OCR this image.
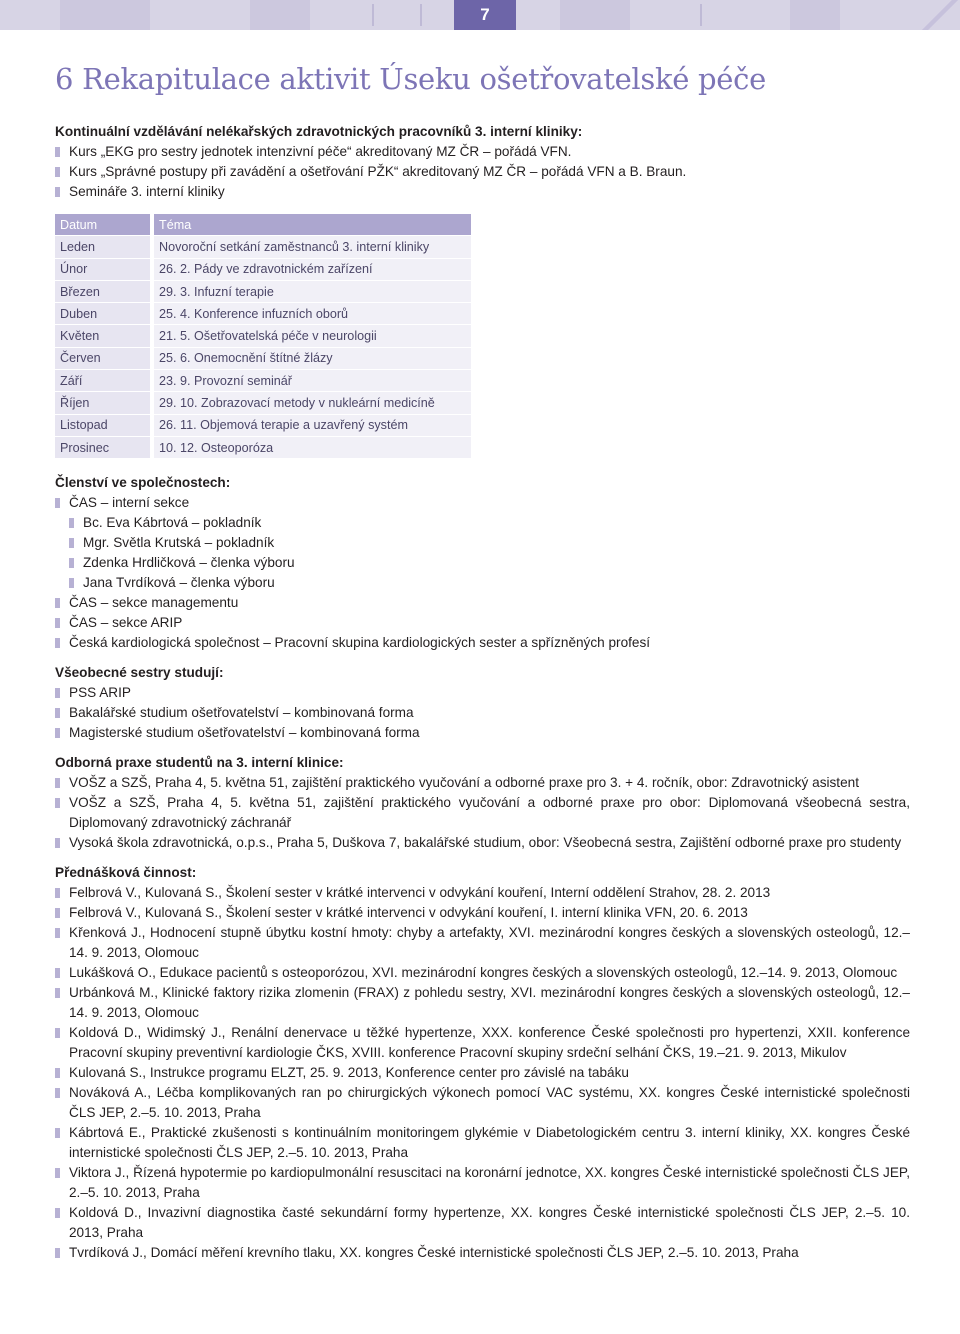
7
6 Rekapitulace aktivit Úseku ošetřovatelské péče

Kontinuální vzdělávání nelékařských zdravotnických pracovníků 3. interní kliniky:

Kurs „EKG pro sestry jednotek intenzivní péče“ akreditovaný MZ ČR – pořádá VFN.
Kurs „Správné postupy při zavádění a ošetřování PŽK“ akreditovaný MZ ČR – pořádá VFN a B. Braun.
Semináře 3. interní kliniky
Datum		Téma
Leden		Novoroční setkání zaměstnanců 3. interní kliniky
Únor		26. 2. Pády ve zdravotnickém zařízení
Březen		29. 3. Infuzní terapie
Duben		25. 4. Konference infuzních oborů
Květen		21. 5. Ošetřovatelská péče v neurologii
Červen		25. 6. Onemocnění štítné žlázy
Září		23. 9. Provozní seminář
Říjen		29. 10. Zobrazovací metody v nukleární medicíně
Listopad		26. 11. Objemová terapie a uzavřený systém
Prosinec		10. 12. Osteoporóza

Členství ve společnostech:

ČAS – interní sekce
Bc. Eva Kábrtová – pokladník
Mgr. Světla Krutská – pokladník
Zdenka Hrdličková – členka výboru
Jana Tvrdíková – členka výboru
ČAS – sekce managementu
ČAS – sekce ARIP
Česká kardiologická společnost – Pracovní skupina kardiologických sester a spřízněných profesí

Všeobecné sestry studují:

PSS ARIP
Bakalářské studium ošetřovatelství – kombinovaná forma
Magisterské studium ošetřovatelství – kombinovaná forma

Odborná praxe studentů na 3. interní klinice:

VOŠZ a SZŠ, Praha 4, 5. května 51, zajištění praktického vyučování a odborné praxe pro 3. + 4. ročník, obor: Zdravotnický asistent
VOŠZ a SZŠ, Praha 4, 5. května 51, zajištění praktického vyučování a odborné praxe pro obor: Diplomovaná všeobecná sestra, Diplomovaný zdravotnický záchranář
Vysoká škola zdravotnická, o.p.s., Praha 5, Duškova 7, bakalářské studium, obor: Všeobecná sestra, Zajištění odborné praxe pro studenty

Přednášková činnost:

Felbrová V., Kulovaná S., Školení sester v krátké intervenci v odvykání kouření, Interní oddělení Strahov, 28. 2. 2013
Felbrová V., Kulovaná S., Školení sester v krátké intervenci v odvykání kouření, I. interní klinika VFN, 20. 6. 2013
Křenková J., Hodnocení stupně úbytku kostní hmoty: chyby a artefakty, XVI. mezinárodní kongres českých a slovenských osteologů, 12.–14. 9. 2013, Olomouc
Lukášková O., Edukace pacientů s osteoporózou, XVI. mezinárodní kongres českých a slovenských osteologů, 12.–14. 9. 2013, Olomouc
Urbánková M., Klinické faktory rizika zlomenin (FRAX) z pohledu sestry, XVI. mezinárodní kongres českých a slovenských osteologů, 12.–14. 9. 2013, Olomouc
Koldová D., Widimský J., Renální denervace u těžké hypertenze, XXX. konference České společnosti pro hypertenzi, XXII. konference Pracovní skupiny preventivní kardiologie ČKS, XVIII. konference Pracovní skupiny srdeční selhání ČKS, 19.–21. 9. 2013, Mikulov
Kulovaná S., Instrukce programu ELZT, 25. 9. 2013, Konference center pro závislé na tabáku
Nováková A., Léčba komplikovaných ran po chirurgických výkonech pomocí VAC systému, XX. kongres České internistické společnosti ČLS JEP, 2.–5. 10. 2013, Praha
Kábrtová E., Praktické zkušenosti s kontinuálním monitoringem glykémie v Diabetologickém centru 3. interní kliniky, XX. kongres České internistické společnosti ČLS JEP, 2.–5. 10. 2013, Praha
Viktora J., Řízená hypotermie po kardiopulmonální resuscitaci na koronární jednotce, XX. kongres České internistické společnosti ČLS JEP, 2.–5. 10. 2013, Praha
Koldová D., Invazivní diagnostika časté sekundární formy hypertenze, XX. kongres České internistické společnosti ČLS JEP, 2.–5. 10. 2013, Praha
Tvrdíková J., Domácí měření krevního tlaku, XX. kongres České internistické společnosti ČLS JEP, 2.–5. 10. 2013, Praha
